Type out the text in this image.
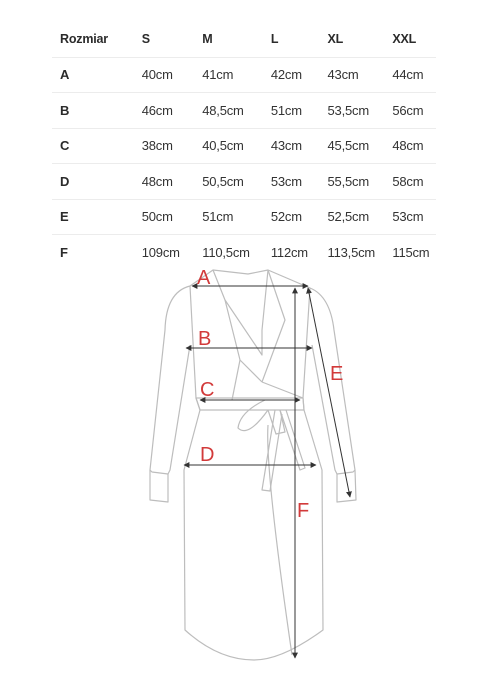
Rozmiar	S	M	L	XL	XXL
A	40cm	41cm	42cm	43cm	44cm
B	46cm	48,5cm	51cm	53,5cm	56cm
C	38cm	40,5cm	43cm	45,5cm	48cm
D	48cm	50,5cm	53cm	55,5cm	58cm
E	50cm	51cm	52cm	52,5cm	53cm
F	109cm	110,5cm	112cm	113,5cm	115cm
A
B
C
D
E
F
